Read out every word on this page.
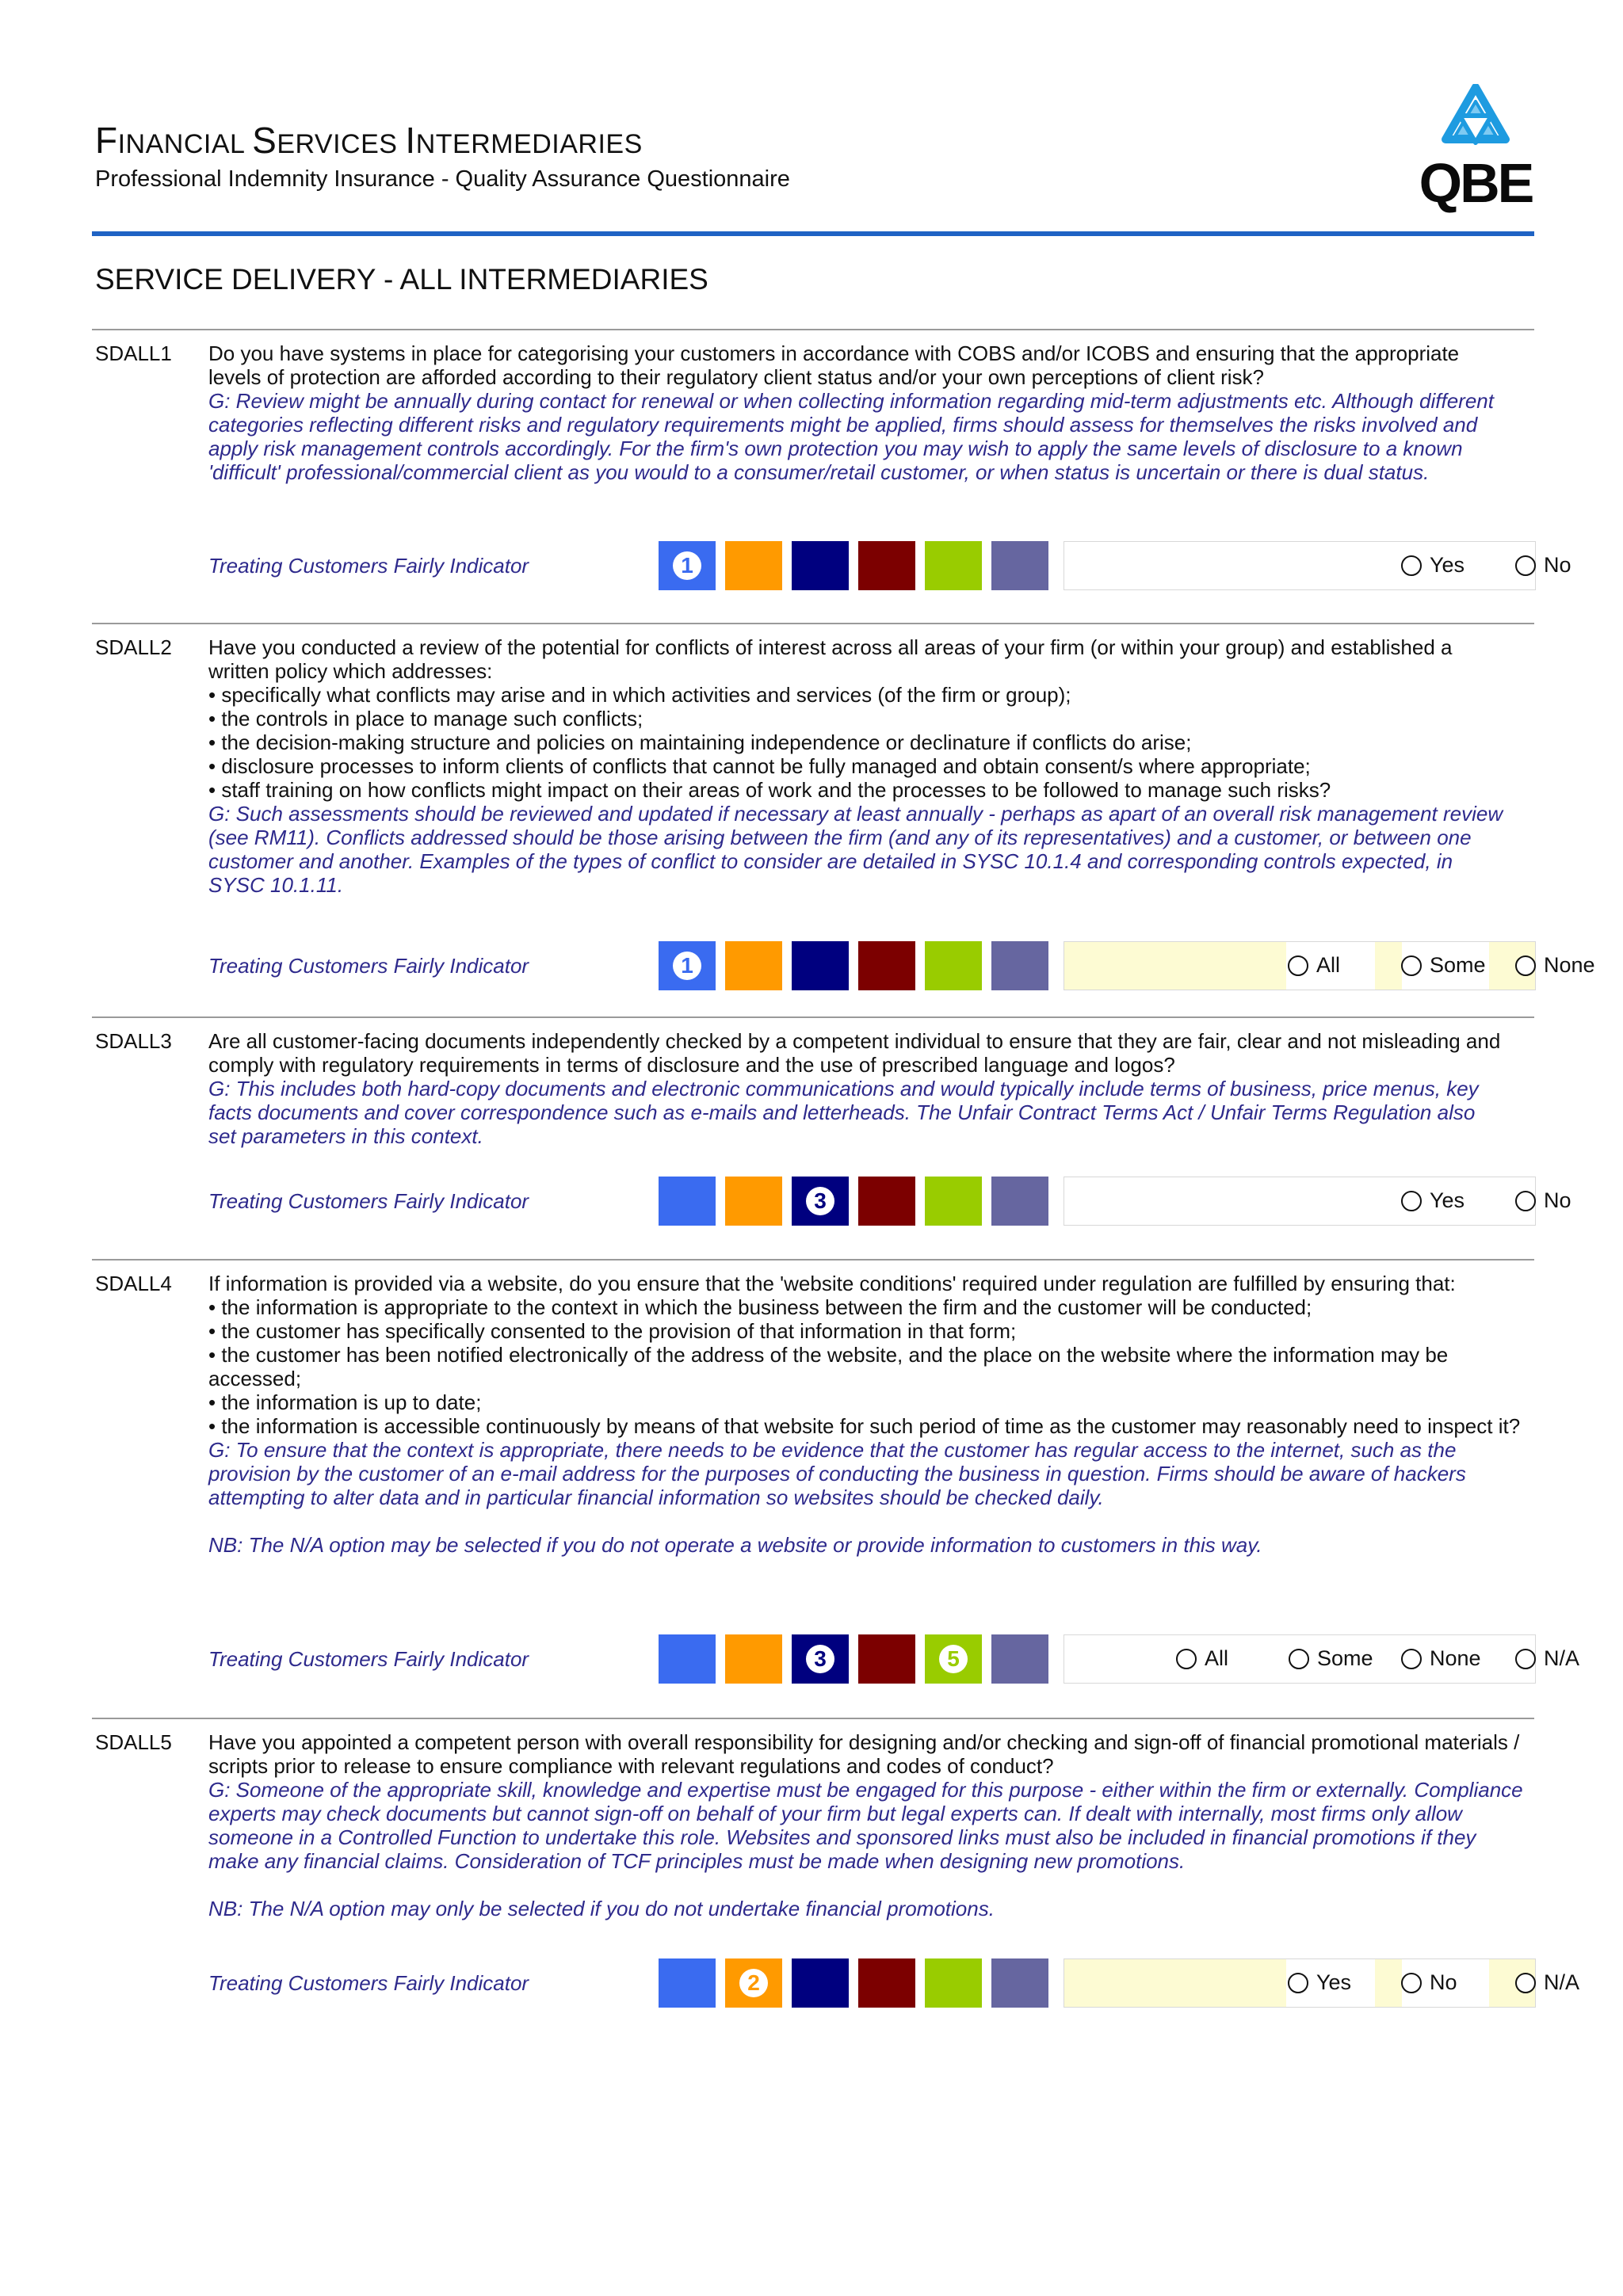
FINANCIAL SERVICES INTERMEDIARIES
Professional Indemnity Insurance - Quality Assurance Questionnaire	QBE
SERVICE DELIVERY - ALL INTERMEDIARIES
SDALL1 Do you have systems in place for categorising your customers in accordance with COBS and/or ICOBS and ensuring that the appropriate levels of protection are afforded according to their regulatory client status and/or your own perceptions of client risk?
G: Review might be annually during contact for renewal or when collecting information regarding mid-term adjustments etc. Although different categories reflecting different risks and regulatory requirements might be applied, firms should assess for themselves the risks involved and apply risk management controls accordingly. For the firm's own protection you may wish to apply the same levels of disclosure to a known 'difficult' professional/commercial client as you would to a consumer/retail customer, or when status is uncertain or there is dual status.
Treating Customers Fairly Indicator	1	Yes	No
SDALL2 Have you conducted a review of the potential for conflicts of interest across all areas of your firm (or within your group) and established a written policy which addresses:
• specifically what conflicts may arise and in which activities and services (of the firm or group);
• the controls in place to manage such conflicts;
• the decision-making structure and policies on maintaining independence or declinature if conflicts do arise;
• disclosure processes to inform clients of conflicts that cannot be fully managed and obtain consent/s where appropriate;
• staff training on how conflicts might impact on their areas of work and the processes to be followed to manage such risks?
G: Such assessments should be reviewed and updated if necessary at least annually - perhaps as apart of an overall risk management review (see RM11). Conflicts addressed should be those arising between the firm (and any of its representatives) and a customer, or between one customer and another. Examples of the types of conflict to consider are detailed in SYSC 10.1.4 and corresponding controls expected, in SYSC 10.1.11.
Treating Customers Fairly Indicator	1	All	Some	None
SDALL3 Are all customer-facing documents independently checked by a competent individual to ensure that they are fair, clear and not misleading and comply with regulatory requirements in terms of disclosure and the use of prescribed language and logos?
G: This includes both hard-copy documents and electronic communications and would typically include terms of business, price menus, key facts documents and cover correspondence such as e-mails and letterheads. The Unfair Contract Terms Act / Unfair Terms Regulation also set parameters in this context.
Treating Customers Fairly Indicator	3	Yes	No
SDALL4 If information is provided via a website, do you ensure that the 'website conditions' required under regulation are fulfilled by ensuring that:
• the information is appropriate to the context in which the business between the firm and the customer will be conducted;
• the customer has specifically consented to the provision of that information in that form;
• the customer has been notified electronically of the address of the website, and the place on the website where the information may be accessed;
• the information is up to date;
• the information is accessible continuously by means of that website for such period of time as the customer may reasonably need to inspect it?
G: To ensure that the context is appropriate, there needs to be evidence that the customer has regular access to the internet, such as the provision by the customer of an e-mail address for the purposes of conducting the business in question. Firms should be aware of hackers attempting to alter data and in particular financial information so websites should be checked daily.
NB: The N/A option may be selected if you do not operate a website or provide information to customers in this way.
Treating Customers Fairly Indicator	3	5	All	Some	None	N/A
SDALL5 Have you appointed a competent person with overall responsibility for designing and/or checking and sign-off of financial promotional materials / scripts prior to release to ensure compliance with relevant regulations and codes of conduct?
G: Someone of the appropriate skill, knowledge and expertise must be engaged for this purpose - either within the firm or externally. Compliance experts may check documents but cannot sign-off on behalf of your firm but legal experts can. If dealt with internally, most firms only allow someone in a Controlled Function to undertake this role. Websites and sponsored links must also be included in financial promotions if they make any financial claims. Consideration of TCF principles must be made when designing new promotions.
NB: The N/A option may only be selected if you do not undertake financial promotions.
Treating Customers Fairly Indicator	2	Yes	No	N/A
